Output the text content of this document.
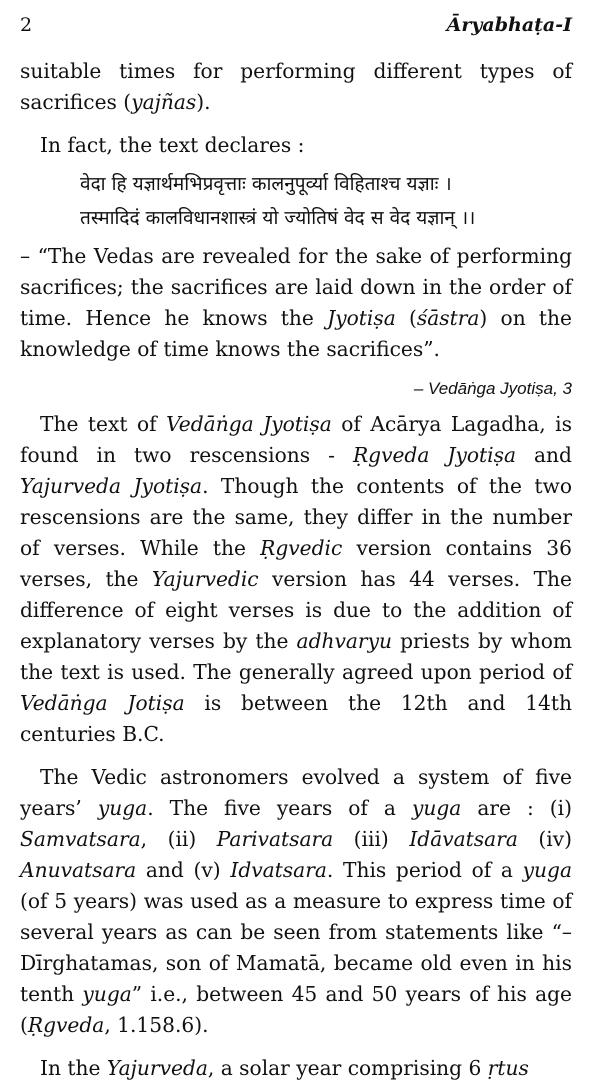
2	Āryabhaṭa-I

suitable times for performing different types of sacrifices (yajñas).

In fact, the text declares :

वेदा हि यज्ञार्थमभिप्रवृत्ताः कालनुपूर्व्या विहिताश्च यज्ञाः ।
तस्मादिदं कालविधानशास्त्रं यो ज्योतिषं वेद स वेद यज्ञान् ।।

– “The Vedas are revealed for the sake of performing sacrifices; the sacrifices are laid down in the order of time. Hence he knows the Jyotiṣa (śāstra) on the knowledge of time knows the sacrifices”.

– Vedāṅga Jyotiṣa, 3

The text of Vedāṅga Jyotiṣa of Acārya Lagadha, is found in two rescensions - Ṛgveda Jyotiṣa and Yajurveda Jyotiṣa. Though the contents of the two rescensions are the same, they differ in the number of verses. While the Ṛgvedic version contains 36 verses, the Yajurvedic version has 44 verses. The difference of eight verses is due to the addition of explanatory verses by the adhvaryu priests by whom the text is used. The generally agreed upon period of Vedāṅga Jotiṣa is between the 12th and 14th centuries B.C.

The Vedic astronomers evolved a system of five years’ yuga. The five years of a yuga are : (i) Samvatsara, (ii) Parivatsara (iii) Idāvatsara (iv) Anuvatsara and (v) Idvatsara. This period of a yuga (of 5 years) was used as a measure to express time of several years as can be seen from statements like “–Dīrghatamas, son of Mamatā, became old even in his tenth yuga” i.e., between 45 and 50 years of his age (Ṛgveda, 1.158.6).

In the Yajurveda, a solar year comprising 6 ṛtus
